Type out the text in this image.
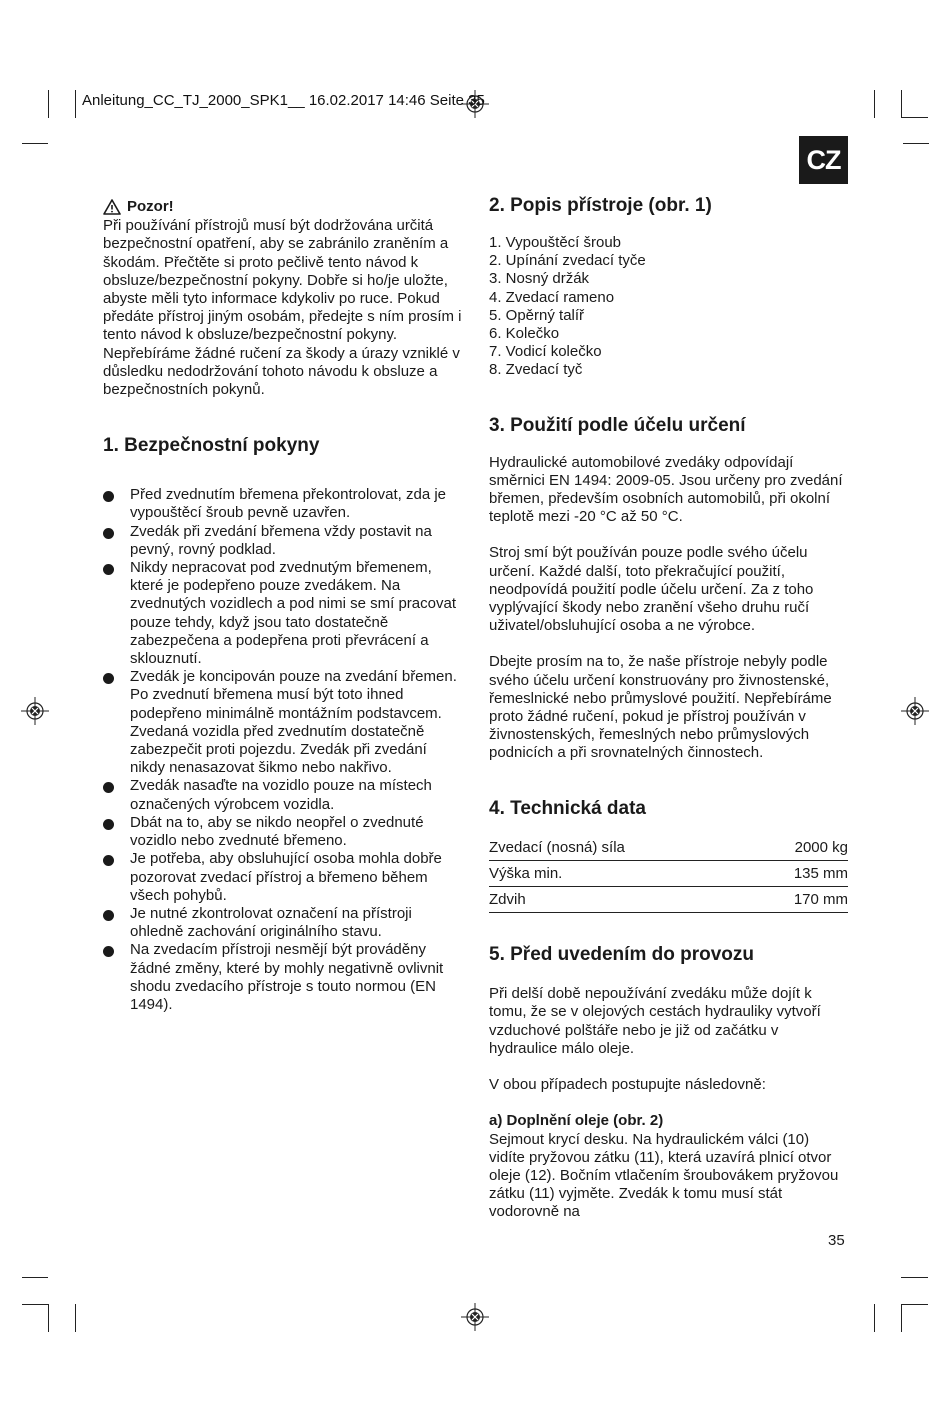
Anleitung_CC_TJ_2000_SPK1__ 16.02.2017 14:46 Seite 35
CZ
Pozor!

Při používání přístrojů musí být dodržována určitá bezpečnostní opatření, aby se zabránilo zraněním a škodám. Přečtěte si proto pečlivě tento návod k obsluze/bezpečnostní pokyny. Dobře si ho/je uložte, abyste měli tyto informace kdykoliv po ruce. Pokud předáte přístroj jiným osobám, předejte s ním prosím i tento návod k obsluze/bezpečnostní pokyny. Nepřebíráme žádné ručení za škody a úrazy vzniklé v důsledku nedodržování tohoto návodu k obsluze a bezpečnostních pokynů.

1. Bezpečnostní pokyny
Před zvednutím břemena překontrolovat, zda je vypouštěcí šroub pevně uzavřen.
Zvedák při zvedání břemena vždy postavit na pevný, rovný podklad.
Nikdy nepracovat pod zvednutým břemenem, které je podepřeno pouze zvedákem. Na zvednutých vozidlech a pod nimi se smí pracovat pouze tehdy, když jsou tato dostatečně zabezpečena a podepřena proti převrácení a sklouznutí.
Zvedák je koncipován pouze na zvedání břemen. Po zvednutí břemena musí být toto ihned podepřeno minimálně montážním podstavcem. Zvedaná vozidla před zvednutím dostatečně zabezpečit proti pojezdu. Zvedák při zvedání nikdy nenasazovat šikmo nebo nakřivo.
Zvedák nasaďte na vozidlo pouze na místech označených výrobcem vozidla.
Dbát na to, aby se nikdo neopřel o zvednuté vozidlo nebo zvednuté břemeno.
Je potřeba, aby obsluhující osoba mohla dobře pozorovat zvedací přístroj a břemeno během všech pohybů.
Je nutné zkontrolovat označení na přístroji ohledně zachování originálního stavu.
Na zvedacím přístroji nesmějí být prováděny žádné změny, které by mohly negativně ovlivnit shodu zvedacího přístroje s touto normou (EN 1494).
2. Popis přístroje (obr. 1)
1. Vypouštěcí šroub
2. Upínání zvedací tyče
3. Nosný držák
4. Zvedací rameno
5. Opěrný talíř
6. Kolečko
7. Vodicí kolečko
8. Zvedací tyč
3. Použití podle účelu určení

Hydraulické automobilové zvedáky odpovídají směrnici EN 1494: 2009-05. Jsou určeny pro zvedání břemen, především osobních automobilů, při okolní teplotě mezi -20 °C až 50 °C.

Stroj smí být používán pouze podle svého účelu určení. Každé další, toto překračující použití, neodpovídá použití podle účelu určení. Za z toho vyplývající škody nebo zranění všeho druhu ručí uživatel/obsluhující osoba a ne výrobce.

Dbejte prosím na to, že naše přístroje nebyly podle svého účelu určení konstruovány pro živnostenské, řemeslnické nebo průmyslové použití. Nepřebíráme proto žádné ručení, pokud je přístroj používán v živnostenských, řemeslných nebo průmyslových podnicích a při srovnatelných činnostech.

4. Technická data
Zvedací (nosná) síla	2000 kg
Výška min.	135 mm
Zdvih	170 mm
5. Před uvedením do provozu

Při delší době nepoužívání zvedáku může dojít k tomu, že se v olejových cestách hydrauliky vytvoří vzduchové polštáře nebo je již od začátku v hydraulice málo oleje.

V obou případech postupujte následovně:

a) Doplnění oleje (obr. 2)

Sejmout krycí desku. Na hydraulickém válci (10) vidíte pryžovou zátku (11), která uzavírá plnicí otvor oleje (12). Bočním vtlačením šroubovákem pryžovou zátku (11) vyjměte. Zvedák k tomu musí stát vodorovně na

35
